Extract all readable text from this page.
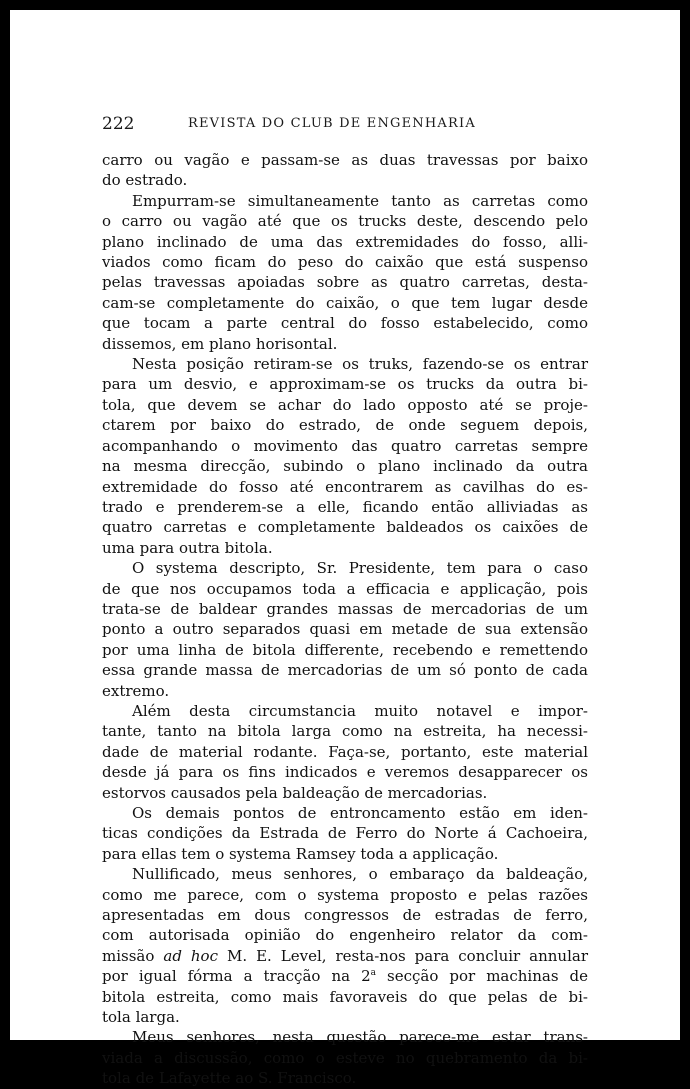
222	REVISTA DO CLUB DE ENGENHARIA
carro ou vagão e passam-se as duas travessas por baixo
do estrado.
Empurram-se simultaneamente tanto as carretas como
o carro ou vagão até que os trucks deste, descendo pelo
plano inclinado de uma das extremidades do fosso, alli-
viados como ficam do peso do caixão que está suspenso
pelas travessas apoiadas sobre as quatro carretas, desta-
cam-se completamente do caixão, o que tem lugar desde
que tocam a parte central do fosso estabelecido, como
dissemos, em plano horisontal.
Nesta posição retiram-se os truks, fazendo-se os entrar
para um desvio, e approximam-se os trucks da outra bi-
tola, que devem se achar do lado opposto até se proje-
ctarem por baixo do estrado, de onde seguem depois,
acompanhando o movimento das quatro carretas sempre
na mesma direcção, subindo o plano inclinado da outra
extremidade do fosso até encontrarem as cavilhas do es-
trado e prenderem-se a elle, ficando então alliviadas as
quatro carretas e completamente baldeados os caixões de
uma para outra bitola.
O systema descripto, Sr. Presidente, tem para o caso
de que nos occupamos toda a efficacia e applicação, pois
trata-se de baldear grandes massas de mercadorias de um
ponto a outro separados quasi em metade de sua extensão
por uma linha de bitola differente, recebendo e remettendo
essa grande massa de mercadorias de um só ponto de cada
extremo.
Além desta circumstancia muito notavel e impor-
tante, tanto na bitola larga como na estreita, ha necessi-
dade de material rodante. Faça-se, portanto, este material
desde já para os fins indicados e veremos desapparecer os
estorvos causados pela baldeação de mercadorias.
Os demais pontos de entroncamento estão em iden-
ticas condições da Estrada de Ferro do Norte á Cachoeira,
para ellas tem o systema Ramsey toda a applicação.
Nullificado, meus senhores, o embaraço da baldeação,
como me parece, com o systema proposto e pelas razões
apresentadas em dous congressos de estradas de ferro,
com autorisada opinião do engenheiro relator da com-
missão ad hoc M. E. Level, resta-nos para concluir annular
por igual fórma a tracção na 2$^a$ secção por machinas de
bitola estreita, como mais favoraveis do que pelas de bi-
tola larga.
Meus senhores, nesta questão parece-me estar trans-
viada a discussão, como o esteve no quebramento da bi-
tola de Lafayette ao S. Francisco.
